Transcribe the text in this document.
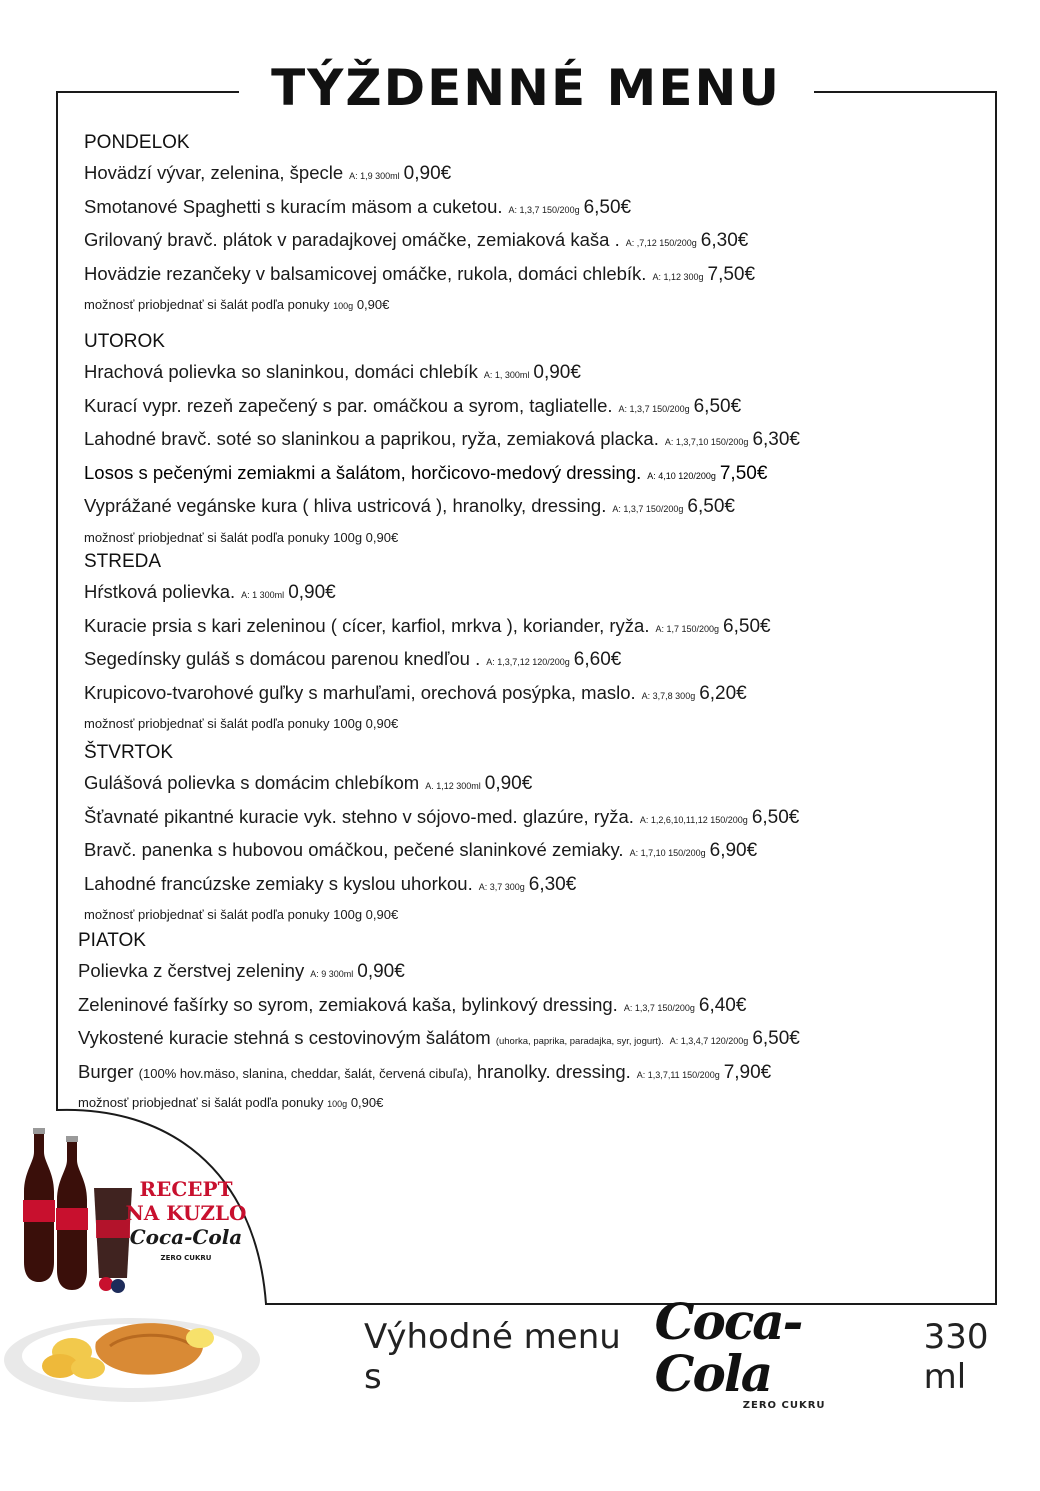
TÝŽDENNÉ MENU
PONDELOK
Hovädzí vývar, zelenina, špecle A: 1,9 300ml 0,90€
Smotanové Spaghetti s kuracím mäsom a cuketou. A: 1,3,7 150/200g 6,50€
Grilovaný bravč. plátok v paradajkovej omáčke, zemiaková kaša . A: ,7,12 150/200g 6,30€
Hovädzie rezančeky v balsamicovej omáčke, rukola, domáci chlebík. A: 1,12 300g 7,50€
možnosť priobjednať si šalát podľa ponuky 100g 0,90€
UTOROK
Hrachová polievka so slaninkou, domáci chlebík A: 1, 300ml 0,90€
Kurací vypr. rezeň zapečený s par. omáčkou a syrom, tagliatelle. A: 1,3,7 150/200g 6,50€
Lahodné bravč. soté so slaninkou a paprikou, ryža, zemiaková placka. A: 1,3,7,10 150/200g 6,30€
Losos s pečenými zemiakmi a šalátom, horčicovo-medový dressing. A: 4,10 120/200g 7,50€
Vyprážané vegánske kura ( hliva ustricová ), hranolky, dressing. A: 1,3,7 150/200g 6,50€
možnosť priobjednať si šalát podľa ponuky 100g 0,90€
STREDA
Hŕstková polievka. A: 1 300ml 0,90€
Kuracie prsia s kari zeleninou ( cícer, karfiol, mrkva ), koriander, ryža. A: 1,7 150/200g 6,50€
Segedínsky guláš s domácou parenou knedľou . A: 1,3,7,12 120/200g 6,60€
Krupicovo-tvarohové guľky s marhuľami, orechová posýpka, maslo. A: 3,7,8 300g 6,20€
možnosť priobjednať si šalát podľa ponuky 100g 0,90€
ŠTVRTOK
Gulášová polievka s domácim chlebíkom A. 1,12 300ml 0,90€
Šťavnaté pikantné kuracie vyk. stehno v sójovo-med. glazúre, ryža. A: 1,2,6,10,11,12 150/200g 6,50€
Bravč. panenka s hubovou omáčkou, pečené slaninkové zemiaky. A: 1,7,10 150/200g 6,90€
Lahodné francúzske zemiaky s kyslou uhorkou. A: 3,7 300g 6,30€
možnosť priobjednať si šalát podľa ponuky 100g 0,90€
PIATOK
Polievka z čerstvej zeleniny A: 9 300ml 0,90€
Zeleninové fašírky so syrom, zemiaková kaša, bylinkový dressing. A: 1,3,7 150/200g 6,40€
Vykostené kuracie stehná s cestovinovým šalátom (uhorka, paprika, paradajka, syr, jogurt). A: 1,3,4,7 120/200g 6,50€
Burger (100% hov.mäso, slanina, cheddar, šalát, červená cibuľa), hranolky. dressing. A: 1,3,7,11 150/200g 7,90€
možnosť priobjednať si šalát podľa ponuky 100g 0,90€
RECEPT
NA KUZLO
Coca-Cola
ZERO CUKRU
Výhodné menu s
Coca-Cola
ZERO CUKRU
330 ml
